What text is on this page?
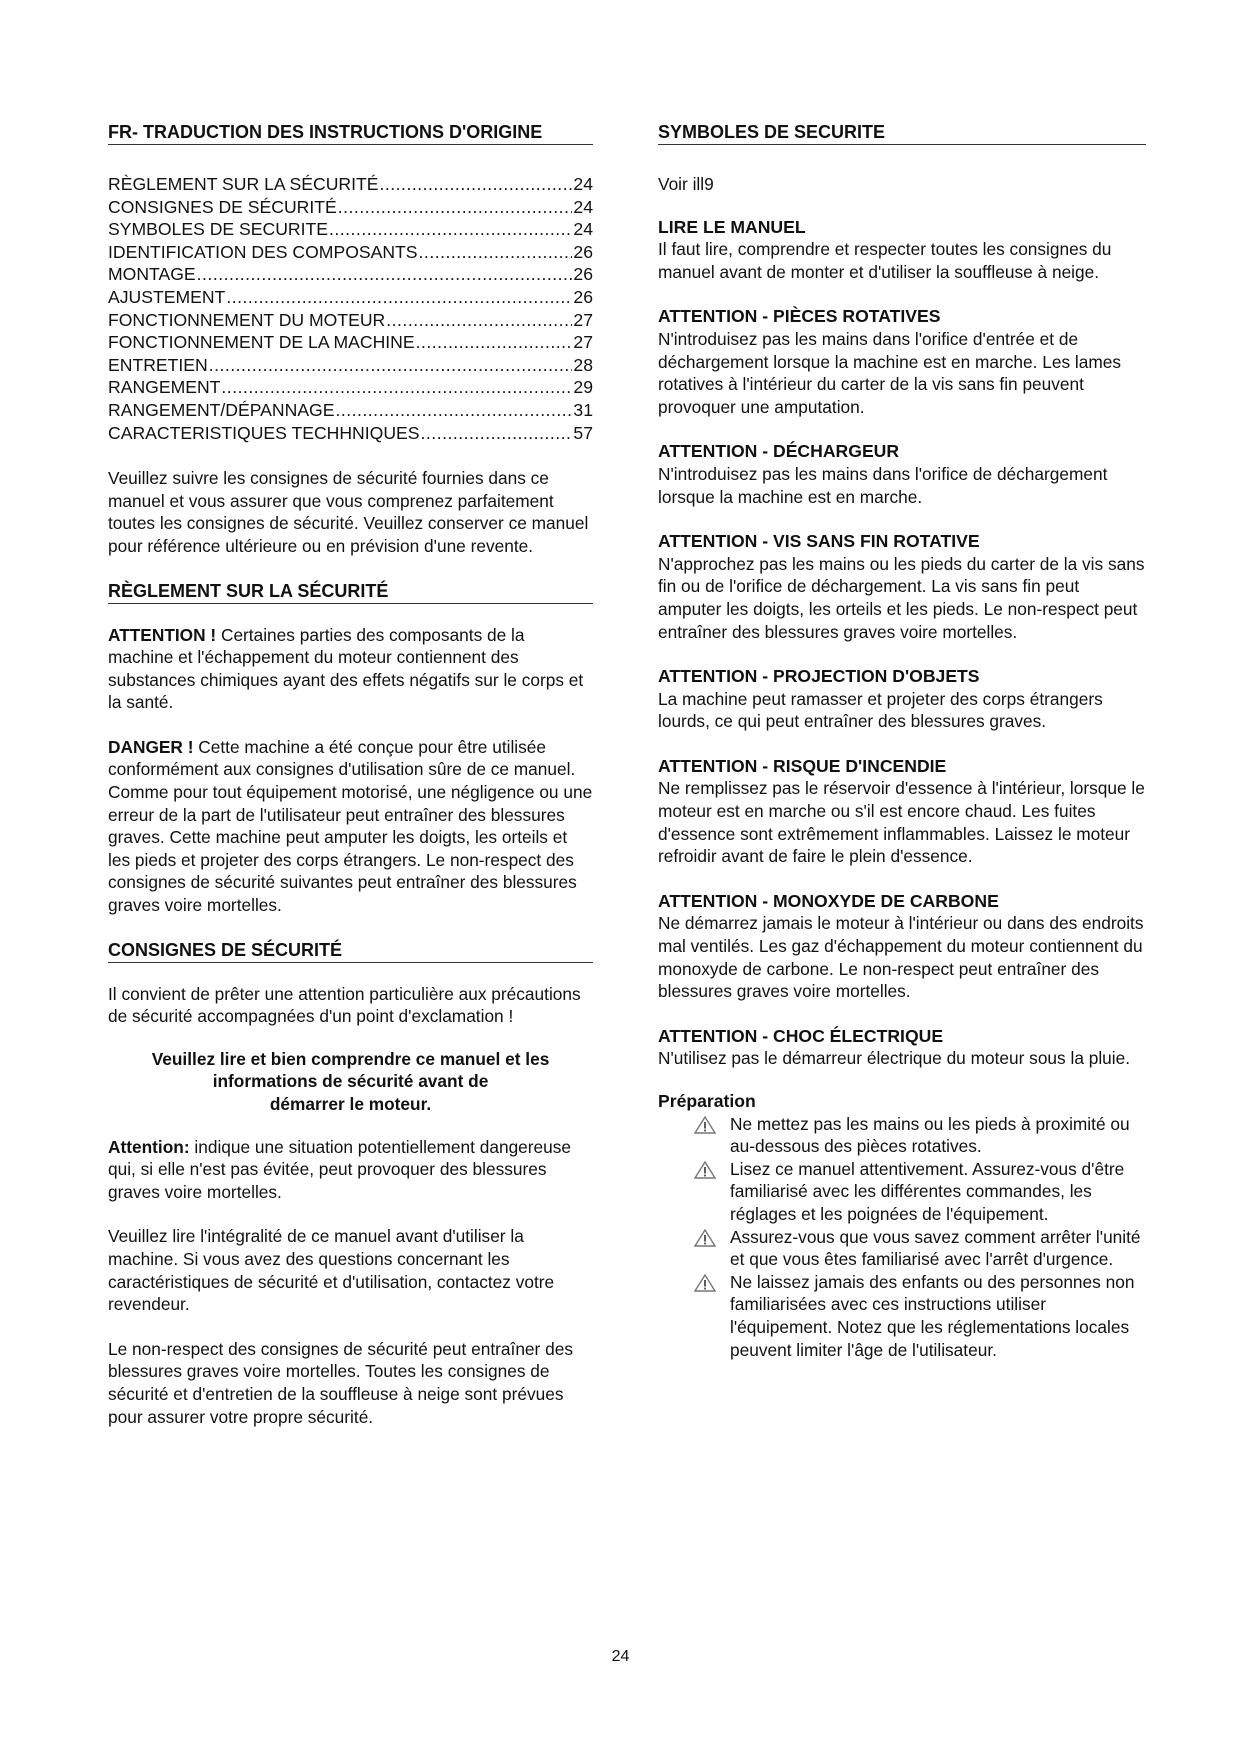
FR- TRADUCTION DES INSTRUCTIONS D'ORIGINE
RÈGLEMENT SUR LA SÉCURITÉ .....	24
CONSIGNES DE SÉCURITÉ .....	24
SYMBOLES DE SECURITE .....	24
IDENTIFICATION DES COMPOSANTS .....	26
MONTAGE .....	26
AJUSTEMENT .....	26
FONCTIONNEMENT DU MOTEUR .....	27
FONCTIONNEMENT DE LA MACHINE .....	27
ENTRETIEN .....	28
RANGEMENT .....	29
RANGEMENT/DÉPANNAGE .....	31
CARACTERISTIQUES TECHHNIQUES .....	57

Veuillez suivre les consignes de sécurité fournies dans ce manuel et vous assurer que vous comprenez parfaitement toutes les consignes de sécurité. Veuillez conserver ce manuel pour référence ultérieure ou en prévision d'une revente.

RÈGLEMENT SUR LA SÉCURITÉ

ATTENTION ! Certaines parties des composants de la machine et l'échappement du moteur contiennent des substances chimiques ayant des effets négatifs sur le corps et la santé.

DANGER ! Cette machine a été conçue pour être utilisée conformément aux consignes d'utilisation sûre de ce manuel. Comme pour tout équipement motorisé, une négligence ou une erreur de la part de l'utilisateur peut entraîner des blessures graves. Cette machine peut amputer les doigts, les orteils et les pieds et projeter des corps étrangers. Le non-respect des consignes de sécurité suivantes peut entraîner des blessures graves voire mortelles.

CONSIGNES DE SÉCURITÉ

Il convient de prêter une attention particulière aux précautions de sécurité accompagnées d'un point d'exclamation !

Veuillez lire et bien comprendre ce manuel et les
informations de sécurité avant de
démarrer le moteur.

Attention: indique une situation potentiellement dangereuse qui, si elle n'est pas évitée, peut provoquer des blessures graves voire mortelles.

Veuillez lire l'intégralité de ce manuel avant d'utiliser la machine. Si vous avez des questions concernant les caractéristiques de sécurité et d'utilisation, contactez votre revendeur.

Le non-respect des consignes de sécurité peut entraîner des blessures graves voire mortelles. Toutes les consignes de sécurité et d'entretien de la souffleuse à neige sont prévues pour assurer votre propre sécurité.

SYMBOLES DE SECURITE

Voir ill9

LIRE LE MANUEL

Il faut lire, comprendre et respecter toutes les consignes du manuel avant de monter et d'utiliser la souffleuse à neige.

ATTENTION - PIÈCES ROTATIVES

N'introduisez pas les mains dans l'orifice d'entrée et de déchargement lorsque la machine est en marche. Les lames rotatives à l'intérieur du carter de la vis sans fin peuvent provoquer une amputation.

ATTENTION - DÉCHARGEUR

N'introduisez pas les mains dans l'orifice de déchargement lorsque la machine est en marche.

ATTENTION - VIS SANS FIN ROTATIVE

N'approchez pas les mains ou les pieds du carter de la vis sans fin ou de l'orifice de déchargement. La vis sans fin peut amputer les doigts, les orteils et les pieds. Le non-respect peut entraîner des blessures graves voire mortelles.

ATTENTION - PROJECTION D'OBJETS

La machine peut ramasser et projeter des corps étrangers lourds, ce qui peut entraîner des blessures graves.

ATTENTION - RISQUE D'INCENDIE

Ne remplissez pas le réservoir d'essence à l'intérieur, lorsque le moteur est en marche ou s'il est encore chaud. Les fuites d'essence sont extrêmement inflammables. Laissez le moteur refroidir avant de faire le plein d'essence.

ATTENTION - MONOXYDE DE CARBONE

Ne démarrez jamais le moteur à l'intérieur ou dans des endroits mal ventilés. Les gaz d'échappement du moteur contiennent du monoxyde de carbone. Le non-respect peut entraîner des blessures graves voire mortelles.

ATTENTION - CHOC ÉLECTRIQUE

N'utilisez pas le démarreur électrique du moteur sous la pluie.

Préparation
Ne mettez pas les mains ou les pieds à proximité ou au-dessous des pièces rotatives.
Lisez ce manuel attentivement. Assurez-vous d'être familiarisé avec les différentes commandes, les réglages et les poignées de l'équipement.
Assurez-vous que vous savez comment arrêter l'unité et que vous êtes familiarisé avec l'arrêt d'urgence.
Ne laissez jamais des enfants ou des personnes non familiarisées avec ces instructions utiliser l'équipement. Notez que les réglementations locales peuvent limiter l'âge de l'utilisateur.
24
